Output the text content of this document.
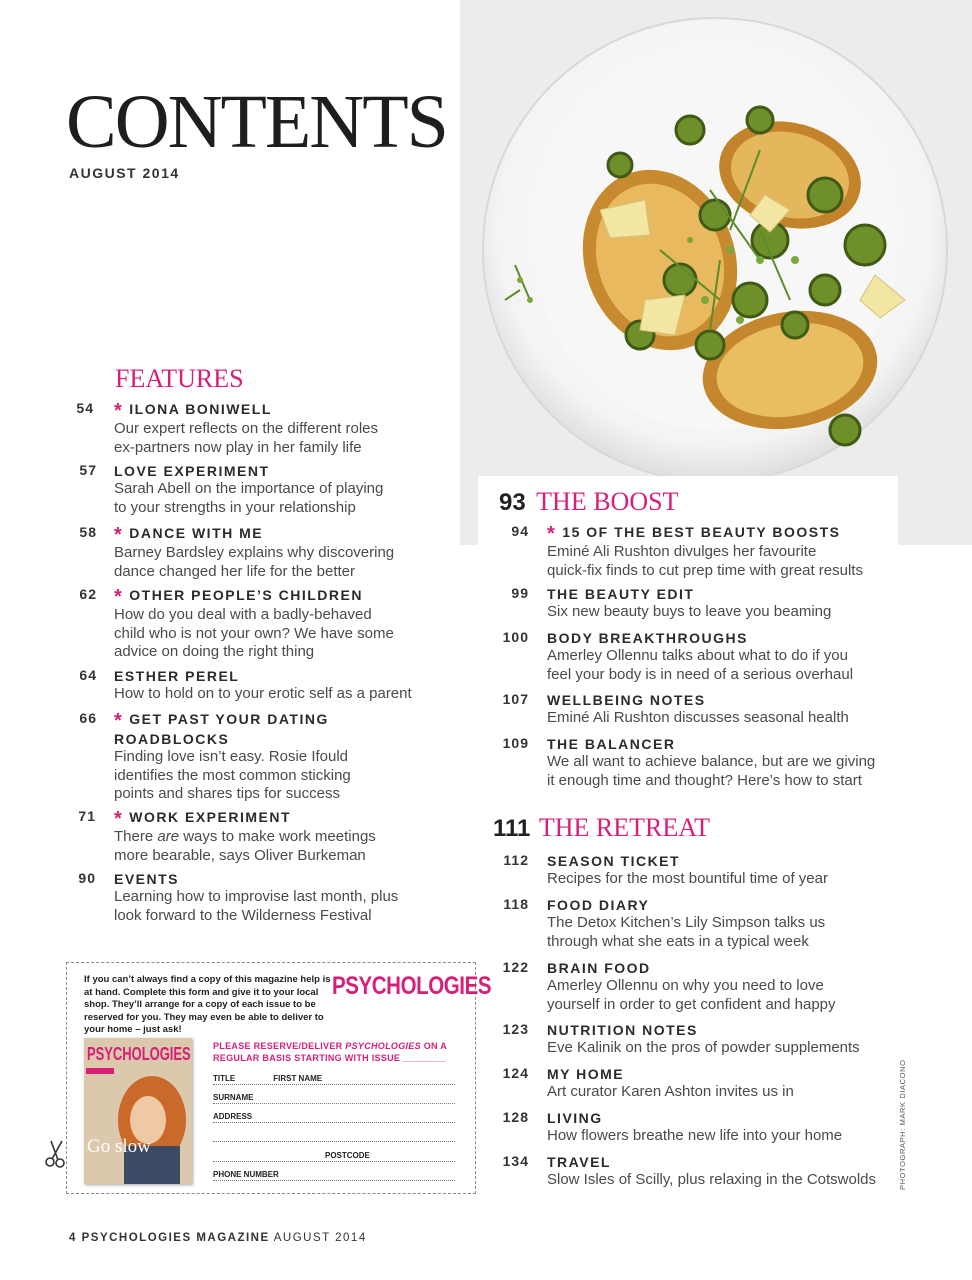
CONTENTS
AUGUST 2014
FEATURES
54 * ILONA BONIWELL
Our expert reflects on the different roles
ex-partners now play in her family life
57 LOVE EXPERIMENT
Sarah Abell on the importance of playing
to your strengths in your relationship
58 * DANCE WITH ME
Barney Bardsley explains why discovering
dance changed her life for the better
62 * OTHER PEOPLE’S CHILDREN
How do you deal with a badly-behaved
child who is not your own? We have some
advice on doing the right thing
64 ESTHER PEREL
How to hold on to your erotic self as a parent
66 * GET PAST YOUR DATING
ROADBLOCKS
Finding love isn’t easy. Rosie Ifould
identifies the most common sticking
points and shares tips for success
71 * WORK EXPERIMENT
There are ways to make work meetings
more bearable, says Oliver Burkeman
90 EVENTS
Learning how to improvise last month, plus
look forward to the Wilderness Festival
93 THE BOOST
94 * 15 OF THE BEST BEAUTY BOOSTS
Eminé Ali Rushton divulges her favourite
quick-fix finds to cut prep time with great results
99 THE BEAUTY EDIT
Six new beauty buys to leave you beaming
100 BODY BREAKTHROUGHS
Amerley Ollennu talks about what to do if you
feel your body is in need of a serious overhaul
107 WELLBEING NOTES
Eminé Ali Rushton discusses seasonal health
109 THE BALANCER
We all want to achieve balance, but are we giving
it enough time and thought? Here’s how to start
111 THE RETREAT
112 SEASON TICKET
Recipes for the most bountiful time of year
118 FOOD DIARY
The Detox Kitchen’s Lily Simpson talks us
through what she eats in a typical week
122 BRAIN FOOD
Amerley Ollennu on why you need to love
yourself in order to get confident and happy
123 NUTRITION NOTES
Eve Kalinik on the pros of powder supplements
124 MY HOME
Art curator Karen Ashton invites us in
128 LIVING
How flowers breathe new life into your home
134 TRAVEL
Slow Isles of Scilly, plus relaxing in the Cotswolds
If you can’t always find a copy of this magazine help is at hand. Complete this form and give it to your local shop. They’ll arrange for a copy of each issue to be reserved for you. They may even be able to deliver to your home – just ask!
PSYCHOLOGIES
PSYCHOLOGIES
Go slow
PLEASE RESERVE/DELIVER PSYCHOLOGIES ON A REGULAR BASIS STARTING WITH ISSUE ________
TITLE	FIRST NAME
SURNAME
ADDRESS
POSTCODE
PHONE NUMBER	PHOTOGRAPH: MARK DIACONO
4 PSYCHOLOGIES MAGAZINE AUGUST 2014
